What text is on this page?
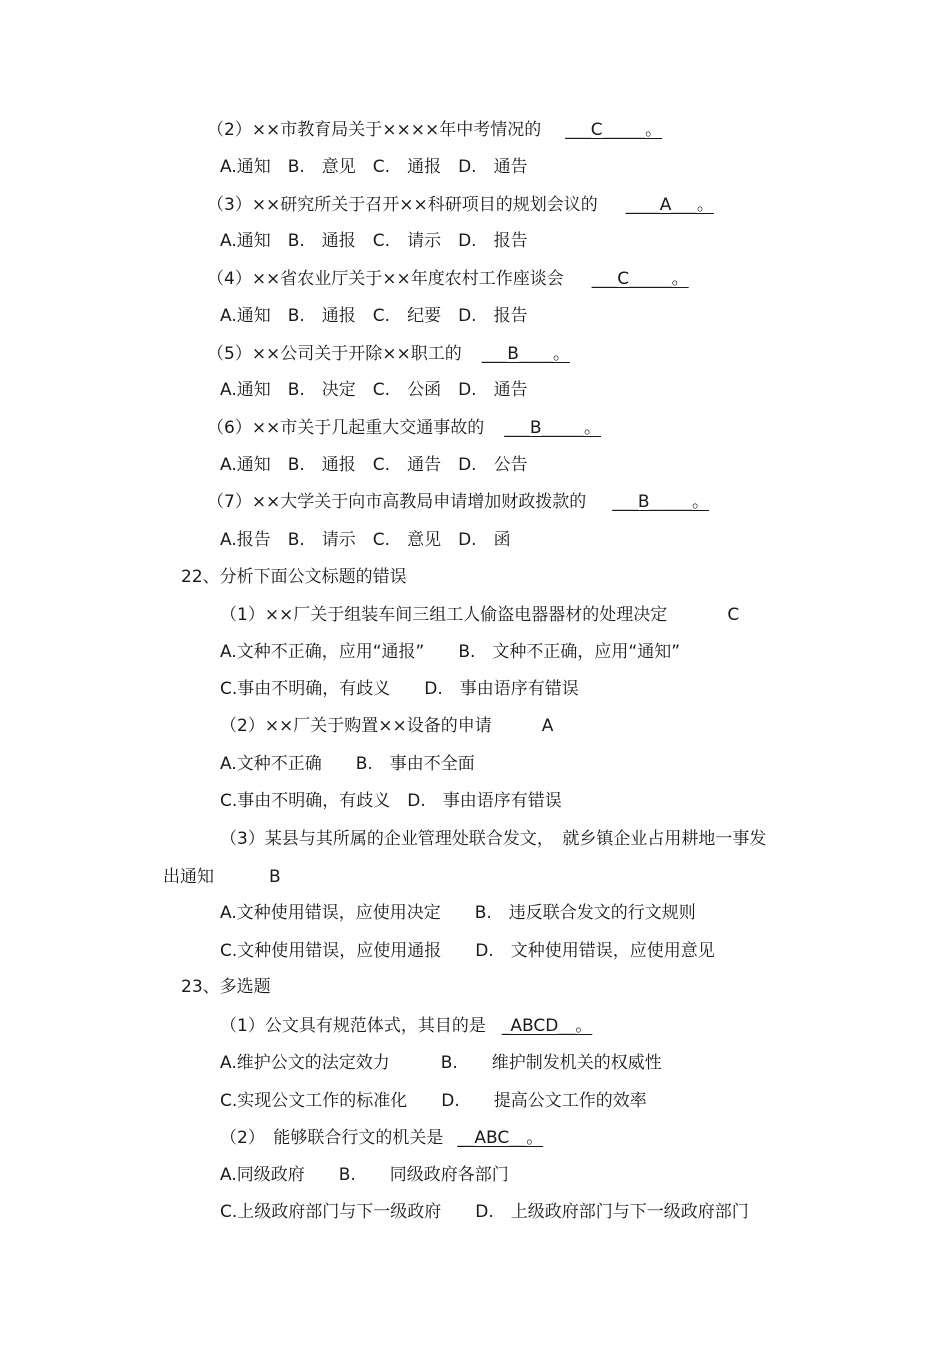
（2）××市教育局关于××××年中考情况的 ___C_____。
A.通知　B.　意见　C.　通报　D.　通告
（3）××研究所关于召开××科研项目的规划会议的 ____A___。
A.通知　B.　通报　C.　请示　D.　报告
（4）××省农业厅关于××年度农村工作座谈会 ___C_____。
A.通知　B.　通报　C.　纪要　D.　报告
（5）××公司关于开除××职工的 ___B____。
A.通知　B.　决定　C.　公函　D.　通告
（6）××市关于几起重大交通事故的 ___B_____。
A.通知　B.　通报　C.　通告　D.　公告
（7）××大学关于向市高教局申请增加财政拨款的 ___B_____。
A.报告　B.　请示　C.　意见　D.　函
22、分析下面公文标题的错误
（1）××厂关于组装车间三组工人偷盗电器器材的处理决定	C
A.文种不正确，应用“通报”　　B.　文种不正确，应用“通知”
C.事由不明确，有歧义　　D.　事由语序有错误
（2）××厂关于购置××设备的申请	A
A.文种不正确　　B.　事由不全面
C.事由不明确，有歧义　D.　事由语序有错误
（3）某县与其所属的企业管理处联合发文，　就乡镇企业占用耕地一事发
出通知	B
A.文种使用错误，应使用决定　　B.　违反联合发文的行文规则
C.文种使用错误，应使用通报　　D.　文种使用错误，应使用意见
23、多选题
（1）公文具有规范体式，其目的是 _ABCD__。
A.维护公文的法定效力　　　B.　　维护制发机关的权威性
C.实现公文工作的标准化　　D.　　提高公文工作的效率
（2）　能够联合行文的机关是 __ABC__。
A.同级政府　　B.　　同级政府各部门
C.上级政府部门与下一级政府　　D.　上级政府部门与下一级政府部门
